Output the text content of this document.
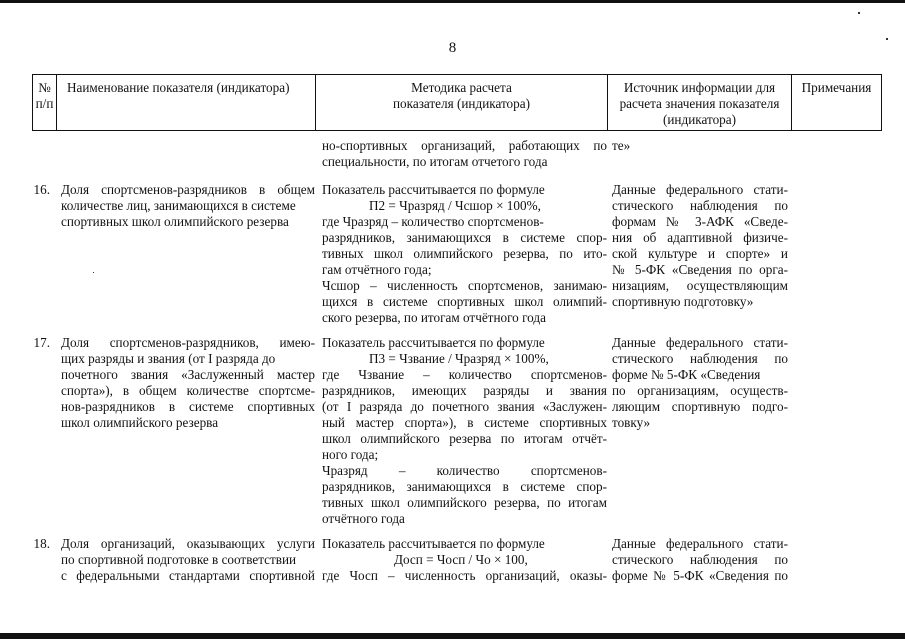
8
№
п/п
Наименование показателя (индикатора)	Методика расчета
показателя (индикатора)
Источник информации для
расчета значения показателя
(индикатора)
Примечания
но-спортивных организаций, работающих по
специальности, по итогам отчетого года
те»
16. Доля спортсменов-разрядников в общем
количестве лиц, занимающихся в системе
спортивных школ олимпийского резерва
Показатель рассчитывается по формуле
П2 = Чразряд / Чсшор × 100%,
где Чразряд – количество спортсменов-
разрядников, занимающихся в системе спор-
тивных школ олимпийского резерва, по ито-
гам отчётного года;
Чсшор – численность спортсменов, занимаю-
щихся в системе спортивных школ олимпий-
ского резерва, по итогам отчётного года
Данные федерального стати-
стического наблюдения по
формам № 3-АФК «Сведе-
ния об адаптивной физиче-
ской культуре и спорте» и
№ 5-ФК «Сведения по орга-
низациям, осуществляющим
спортивную подготовку»
17. Доля спортсменов-разрядников, имею-
щих разряды и звания (от I разряда до
почетного звания «Заслуженный мастер
спорта»), в общем количестве спортсме-
нов-разрядников в системе спортивных
школ олимпийского резерва
Показатель рассчитывается по формуле
П3 = Чзвание / Чразряд × 100%,
где Чзвание – количество спортсменов-
разрядников, имеющих разряды и звания
(от I разряда до почетного звания «Заслужен-
ный мастер спорта»), в системе спортивных
школ олимпийского резерва по итогам отчёт-
ного года;
Чразряд – количество спортсменов-
разрядников, занимающихся в системе спор-
тивных школ олимпийского резерва, по итогам
отчётного года
Данные федерального стати-
стического наблюдения по
форме № 5-ФК «Сведения
по организациям, осуществ-
ляющим спортивную подго-
товку»
18. Доля организаций, оказывающих услуги
по спортивной подготовке в соответствии
с федеральными стандартами спортивной
Показатель рассчитывается по формуле
Досп = Чосп / Чо × 100,
где Чосп – численность организаций, оказы-
Данные федерального стати-
стического наблюдения по
форме № 5-ФК «Сведения по
